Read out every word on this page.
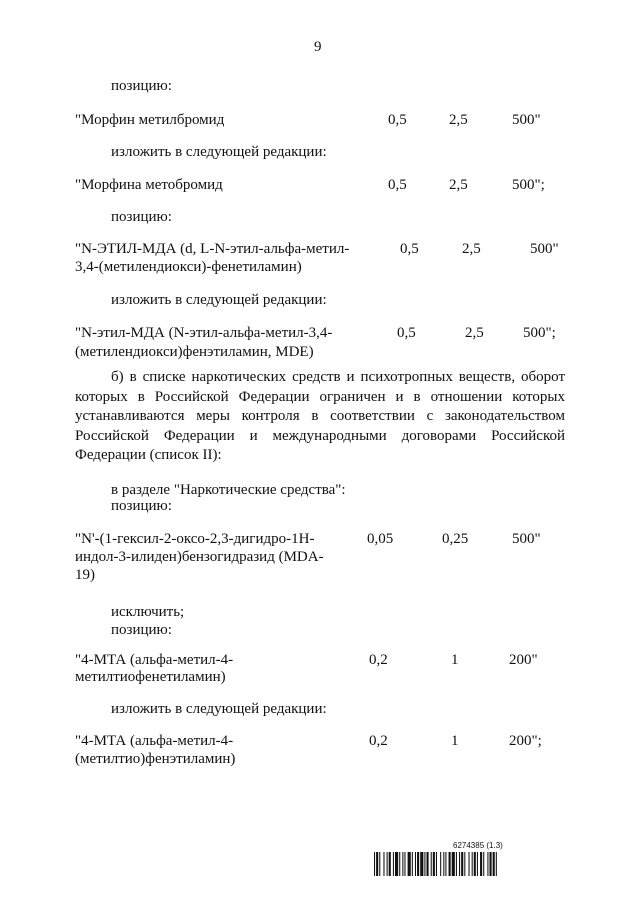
9
позицию:
"Морфин метилбромид	0,5	2,5	500"
изложить в следующей редакции:
"Морфина метобромид	0,5	2,5	500";
позицию:
"N-ЭТИЛ-МДА (d, L-N-этил-альфа-метил-
3,4-(метилендиокси)-фенетиламин)
0,5	2,5	500"
изложить в следующей редакции:
"N-этил-МДА (N-этил-альфа-метил-3,4-
(метилендиокси)фенэтиламин, MDE)
0,5	2,5	500";
б) в списке наркотических средств и психотропных веществ, оборот которых в Российской Федерации ограничен и в отношении которых устанавливаются меры контроля в соответствии с законодательством Российской Федерации и международными договорами Российской Федерации (список II):
в разделе "Наркотические средства":
позицию:
"N'-(1-гексил-2-оксо-2,3-дигидро-1H-
индол-3-илиден)бензогидразид (MDA-
19)
0,05	0,25	500"
исключить;
позицию:
"4-МТА (альфа-метил-4-
метилтиофенетиламин)
0,2	1	200"
изложить в следующей редакции:
"4-МТА (альфа-метил-4-
(метилтио)фенэтиламин)
0,2	1	200";
6274385 (1.3)
